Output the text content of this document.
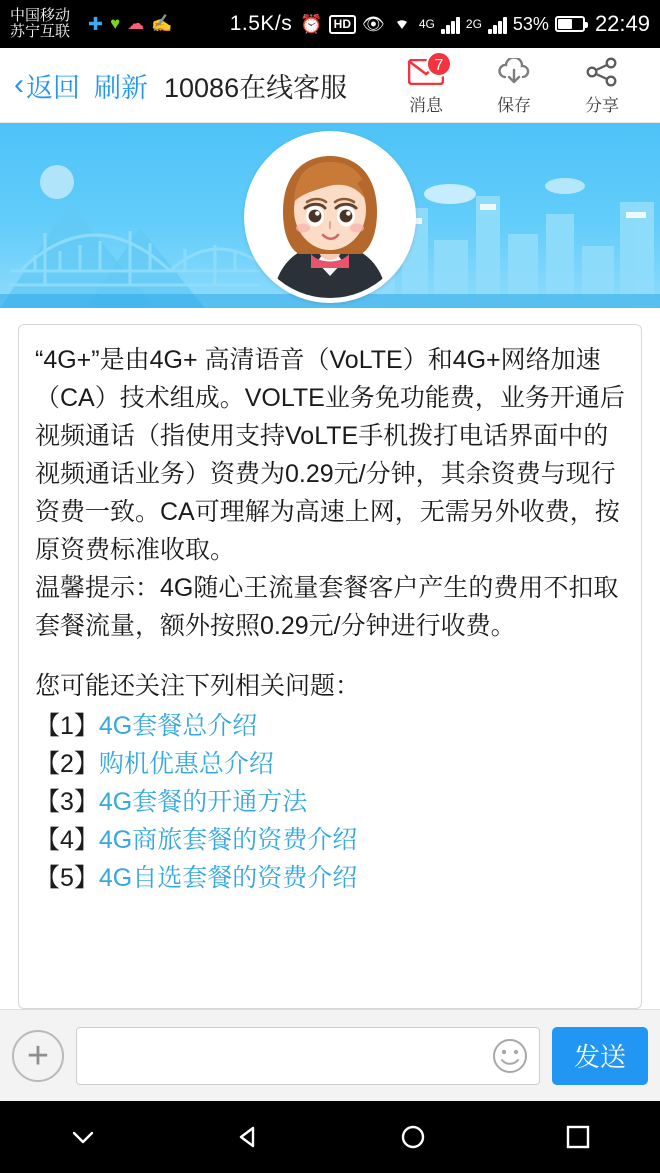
中国移动
苏宁互联 ✚ ♥ ☁ ✍	1.5K/s ⏰ HD 👁	4G	2G 53% 22:49
‹ 返回 刷新 10086在线客服
7
消息	保存	分享

“4G+”是由4G+ 高清语音（VoLTE）和4G+网络加速（CA）技术组成。VOLTE业务免功能费，业务开通后视频通话（指使用支持VoLTE手机拨打电话界面中的视频通话业务）资费为0.29元/分钟，其余资费与现行资费一致。CA可理解为高速上网，无需另外收费，按原资费标准收取。

温馨提示：4G随心王流量套餐客户产生的费用不扣取套餐流量，额外按照0.29元/分钟进行收费。

您可能还关注下列相关问题：

【1】 4G套餐总介绍
【2】 购机优惠总介绍
【3】 4G套餐的开通方法
【4】 4G商旅套餐的资费介绍
【5】 4G自选套餐的资费介绍
+	发送
